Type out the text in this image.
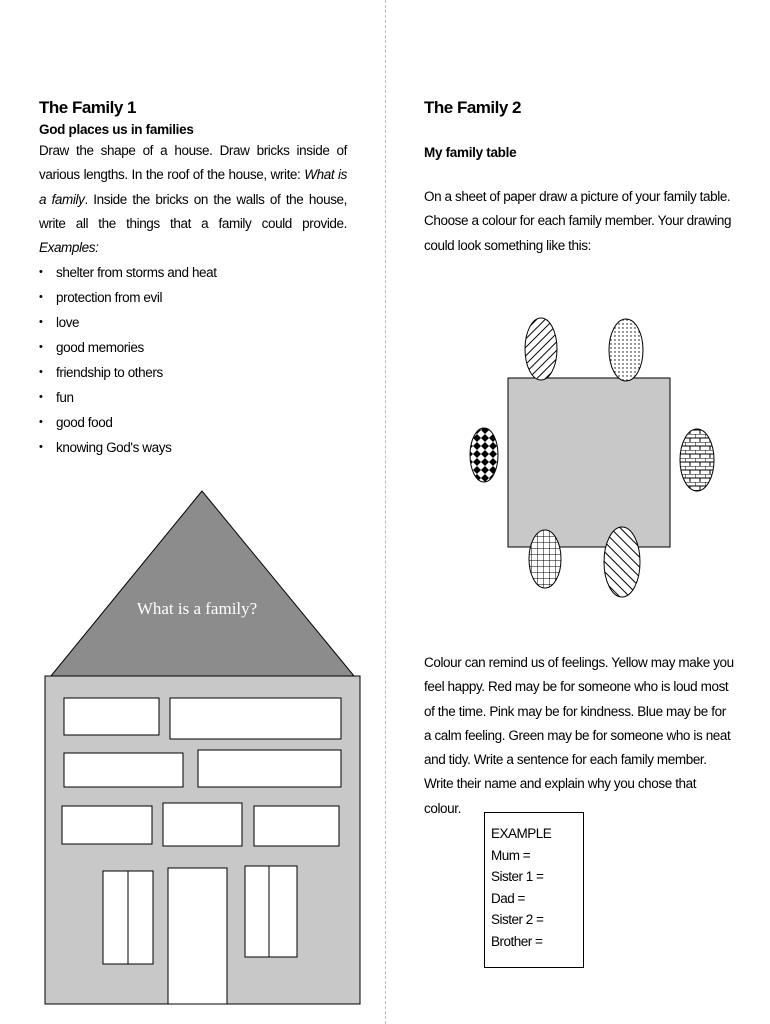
The Family 1
God places us in families

Draw the shape of a house. Draw bricks inside of various lengths. In the roof of the house, write: What is a family. Inside the bricks on the walls of the house, write all the things that a family could provide. Examples:

• shelter from storms and heat
• protection from evil
• love
• good memories
• friendship to others
• fun
• good food
• knowing God's ways
What is a family?
The Family 2
My family table

On a sheet of paper draw a picture of your family table. Choose a colour for each family member. Your drawing could look something like this:

Colour can remind us of feelings. Yellow may make you feel happy. Red may be for someone who is loud most of the time. Pink may be for kindness. Blue may be for a calm feeling. Green may be for someone who is neat and tidy. Write a sentence for each family member. Write their name and explain why you chose that colour.

EXAMPLE
Mum =
Sister 1 =
Dad =
Sister 2 =
Brother =
